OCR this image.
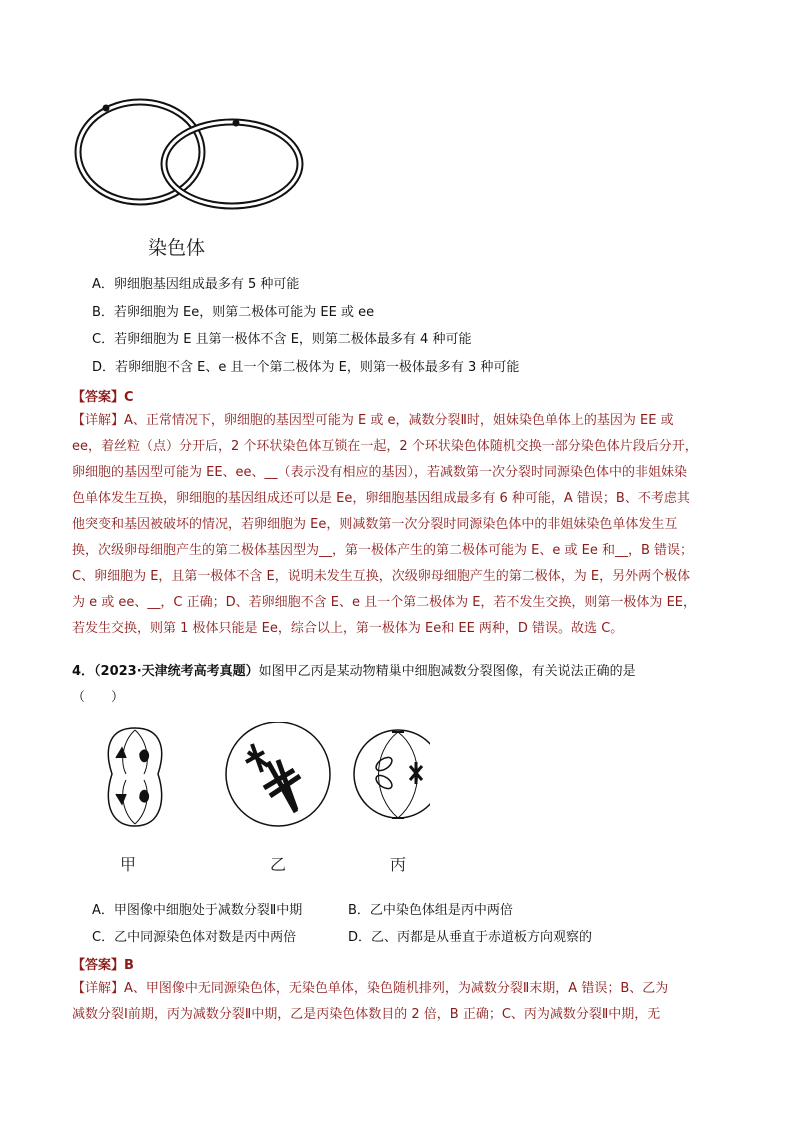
染色体
A．卵细胞基因组成最多有 5 种可能
B．若卵细胞为 Ee，则第二极体可能为 EE 或 ee
C．若卵细胞为 E 且第一极体不含 E，则第二极体最多有 4 种可能
D．若卵细胞不含 E、e 且一个第二极体为 E，则第一极体最多有 3 种可能
【答案】C
【详解】A、正常情况下，卵细胞的基因型可能为 E 或 e，减数分裂Ⅱ时，姐妹染色单体上的基因为 EE 或
ee，着丝粒（点）分开后，2 个环状染色体互锁在一起，2 个环状染色体随机交换一部分染色体片段后分开，
卵细胞的基因型可能为 EE、ee、__（表示没有相应的基因），若减数第一次分裂时同源染色体中的非姐妹染
色单体发生互换，卵细胞的基因组成还可以是 Ee，卵细胞基因组成最多有 6 种可能，A 错误；B、不考虑其
他突变和基因被破坏的情况，若卵细胞为 Ee，则减数第一次分裂时同源染色体中的非姐妹染色单体发生互
换，次级卵母细胞产生的第二极体基因型为__，第一极体产生的第二极体可能为 E、e 或 Ee 和__，B 错误；
C、卵细胞为 E，且第一极体不含 E，说明未发生互换，次级卵母细胞产生的第二极体，为 E，另外两个极体
为 e 或 ee、__，C 正确；D、若卵细胞不含 E、e 且一个第二极体为 E，若不发生交换，则第一极体为 EE，
若发生交换，则第 1 极体只能是 Ee，综合以上，第一极体为 Ee和 EE 两种，D 错误。故选 C。
4．（2023·天津统考高考真题）如图甲乙丙是某动物精巢中细胞减数分裂图像，有关说法正确的是
（　　）
甲	乙	丙
A．甲图像中细胞处于减数分裂Ⅱ中期	B．乙中染色体组是丙中两倍
C．乙中同源染色体对数是丙中两倍	D．乙、丙都是从垂直于赤道板方向观察的
【答案】B
【详解】A、甲图像中无同源染色体，无染色单体，染色随机排列，为减数分裂Ⅱ末期，A 错误；B、乙为
减数分裂Ⅰ前期，丙为减数分裂Ⅱ中期，乙是丙染色体数目的 2 倍，B 正确；C、丙为减数分裂Ⅱ中期，无
